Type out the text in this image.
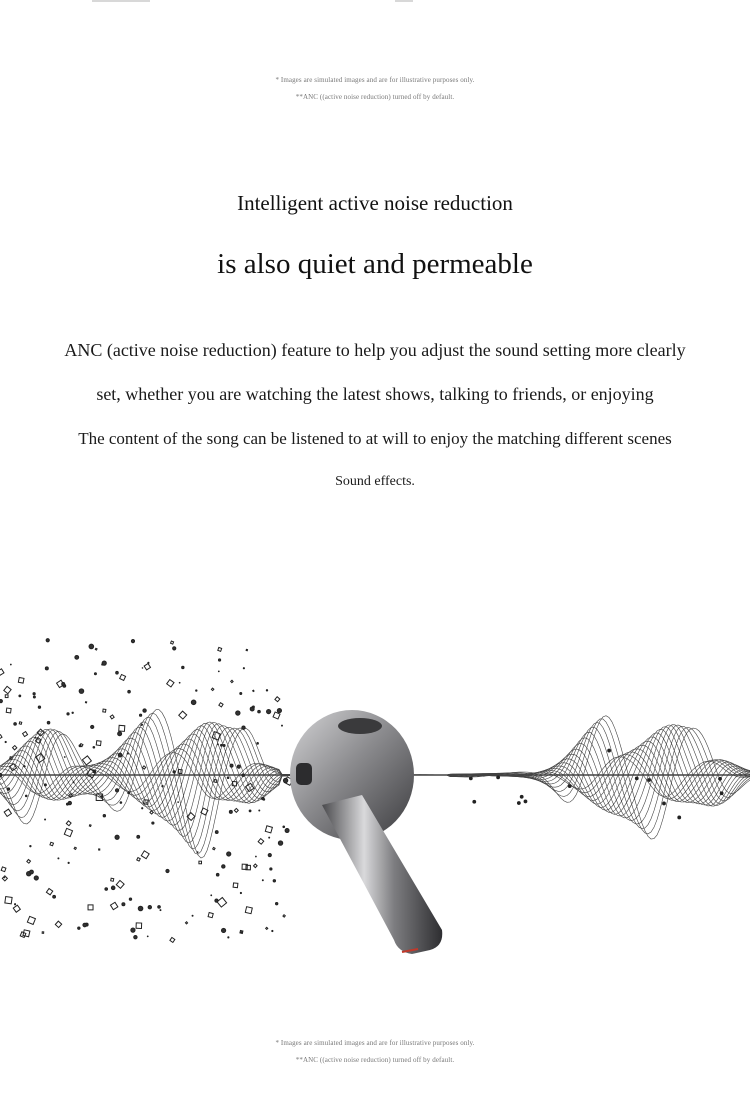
* Images are simulated images and are for illustrative purposes only.
**ANC ((active noise reduction) turned off by default.
Intelligent active noise reduction
is also quiet and permeable
ANC (active noise reduction) feature to help you adjust the sound setting more clearly
set, whether you are watching the latest shows, talking to friends, or enjoying
The content of the song can be listened to at will to enjoy the matching different scenes
Sound effects.
* Images are simulated images and are for illustrative purposes only.
**ANC ((active noise reduction) turned off by default.
